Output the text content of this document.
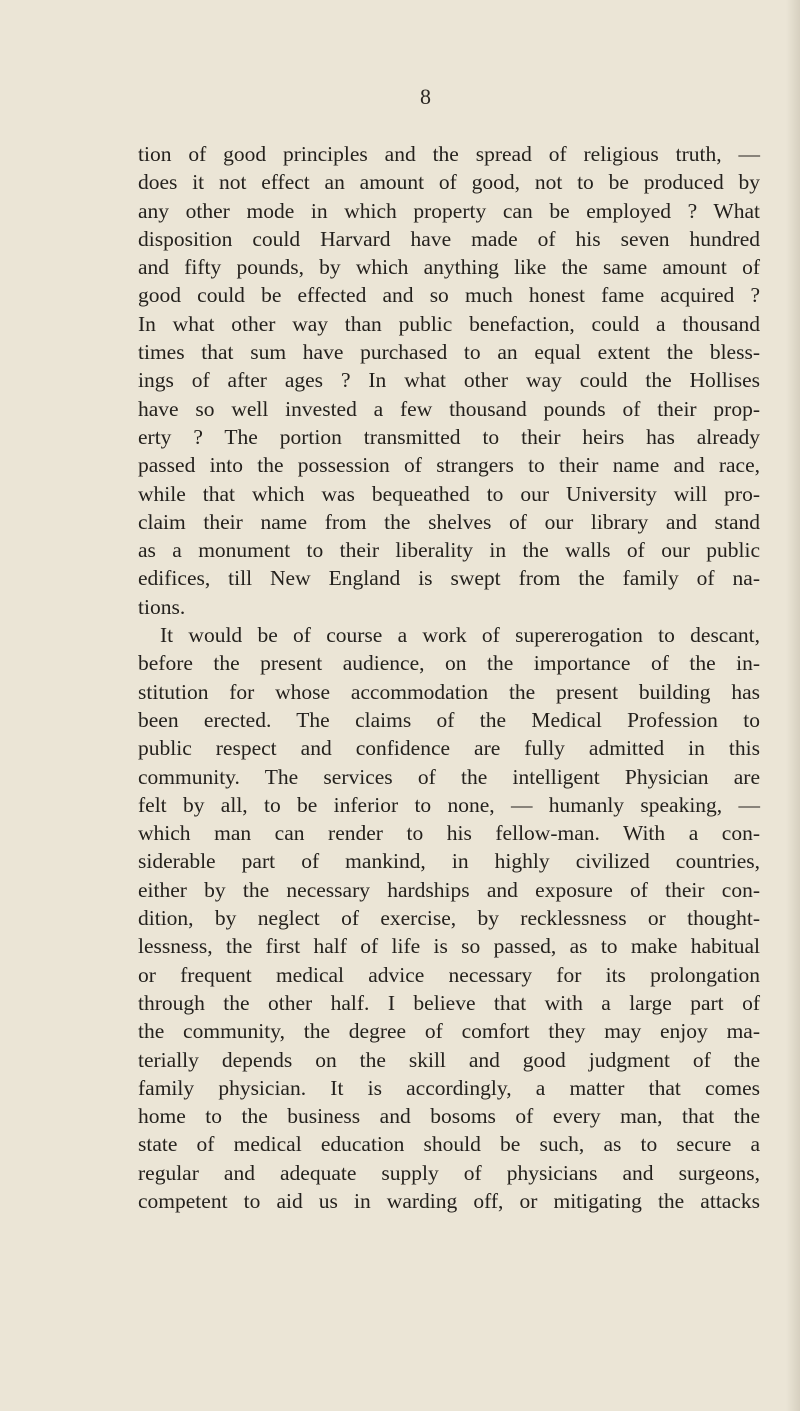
8
tion of good principles and the spread of religious truth, —
does it not effect an amount of good, not to be produced by
any other mode in which property can be employed ? What
disposition could Harvard have made of his seven hundred
and fifty pounds, by which anything like the same amount of
good could be effected and so much honest fame acquired ?
In what other way than public benefaction, could a thousand
times that sum have purchased to an equal extent the bless-
ings of after ages ? In what other way could the Hollises
have so well invested a few thousand pounds of their prop-
erty ? The portion transmitted to their heirs has already
passed into the possession of strangers to their name and race,
while that which was bequeathed to our University will pro-
claim their name from the shelves of our library and stand
as a monument to their liberality in the walls of our public
edifices, till New England is swept from the family of na-
tions.
It would be of course a work of supererogation to descant,
before the present audience, on the importance of the in-
stitution for whose accommodation the present building has
been erected. The claims of the Medical Profession to
public respect and confidence are fully admitted in this
community. The services of the intelligent Physician are
felt by all, to be inferior to none, — humanly speaking, —
which man can render to his fellow-man. With a con-
siderable part of mankind, in highly civilized countries,
either by the necessary hardships and exposure of their con-
dition, by neglect of exercise, by recklessness or thought-
lessness, the first half of life is so passed, as to make habitual
or frequent medical advice necessary for its prolongation
through the other half. I believe that with a large part of
the community, the degree of comfort they may enjoy ma-
terially depends on the skill and good judgment of the
family physician. It is accordingly, a matter that comes
home to the business and bosoms of every man, that the
state of medical education should be such, as to secure a
regular and adequate supply of physicians and surgeons,
competent to aid us in warding off, or mitigating the attacks
